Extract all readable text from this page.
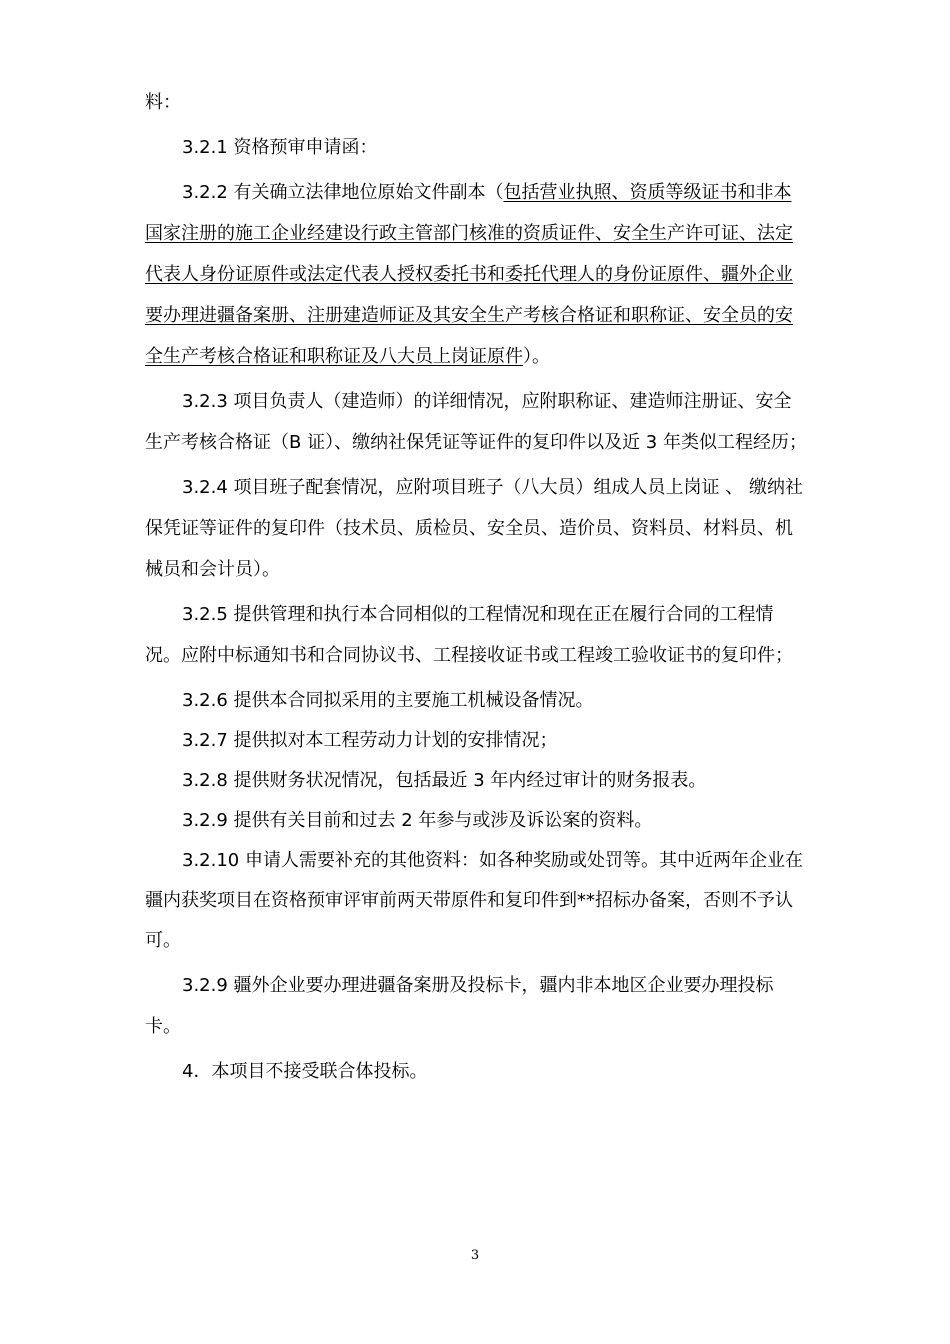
料：

3.2.1 资格预审申请函：

3.2.2 有关确立法律地位原始文件副本（包括营业执照、资质等级证书和非本国家注册的施工企业经建设行政主管部门核准的资质证件、安全生产许可证、法定代表人身份证原件或法定代表人授权委托书和委托代理人的身份证原件、疆外企业要办理进疆备案册、注册建造师证及其安全生产考核合格证和职称证、安全员的安全生产考核合格证和职称证及八大员上岗证原件）。

3.2.3 项目负责人（建造师）的详细情况，应附职称证、建造师注册证、安全生产考核合格证（B 证）、缴纳社保凭证等证件的复印件以及近 3 年类似工程经历；

3.2.4 项目班子配套情况，应附项目班子（八大员）组成人员上岗证 、 缴纳社保凭证等证件的复印件（技术员、质检员、安全员、造价员、资料员、材料员、机械员和会计员）。

3.2.5 提供管理和执行本合同相似的工程情况和现在正在履行合同的工程情况。应附中标通知书和合同协议书、工程接收证书或工程竣工验收证书的复印件；

3.2.6 提供本合同拟采用的主要施工机械设备情况。

3.2.7 提供拟对本工程劳动力计划的安排情况；

3.2.8 提供财务状况情况，包括最近 3 年内经过审计的财务报表。

3.2.9 提供有关目前和过去 2 年参与或涉及诉讼案的资料。

3.2.10 申请人需要补充的其他资料：如各种奖励或处罚等。其中近两年企业在疆内获奖项目在资格预审评审前两天带原件和复印件到**招标办备案，否则不予认可。

3.2.9 疆外企业要办理进疆备案册及投标卡，疆内非本地区企业要办理投标卡。

4．本项目不接受联合体投标。

3
